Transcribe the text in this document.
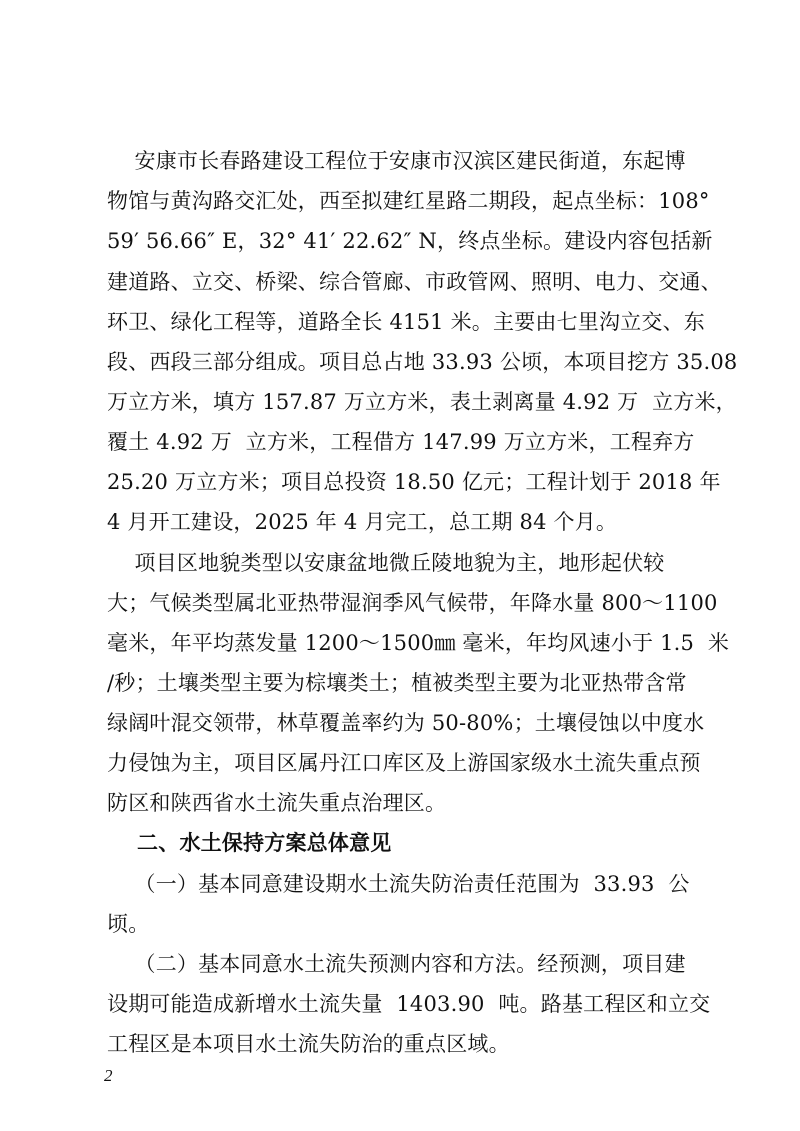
安康市长春路建设工程位于安康市汉滨区建民街道，东起博
物馆与黄沟路交汇处，西至拟建红星路二期段，起点坐标：108°
59′ 56.66″ E，32° 41′ 22.62″ N，终点坐标。建设内容包括新
建道路、立交、桥梁、综合管廊、市政管网、照明、电力、交通、
环卫、绿化工程等，道路全长 4151 米。主要由七里沟立交、东
段、西段三部分组成。项目总占地 33.93 公顷，本项目挖方 35.08
万立方米，填方 157.87 万立方米，表土剥离量 4.92 万  立方米，
覆土 4.92 万  立方米，工程借方 147.99 万立方米，工程弃方
25.20 万立方米；项目总投资 18.50 亿元；工程计划于 2018 年
4 月开工建设，2025 年 4 月完工，总工期 84 个月。
项目区地貌类型以安康盆地微丘陵地貌为主，地形起伏较
大；气候类型属北亚热带湿润季风气候带，年降水量 800～1100
毫米，年平均蒸发量 1200～1500㎜ 毫米，年均风速小于 1.5  米
/秒；土壤类型主要为棕壤类土；植被类型主要为北亚热带含常
绿阔叶混交领带，林草覆盖率约为 50-80%；土壤侵蚀以中度水
力侵蚀为主，项目区属丹江口库区及上游国家级水土流失重点预
防区和陕西省水土流失重点治理区。
二、水土保持方案总体意见
（一）基本同意建设期水土流失防治责任范围为  33.93  公
顷。
（二）基本同意水土流失预测内容和方法。经预测，项目建
设期可能造成新增水土流失量  1403.90  吨。路基工程区和立交
工程区是本项目水土流失防治的重点区域。
2
